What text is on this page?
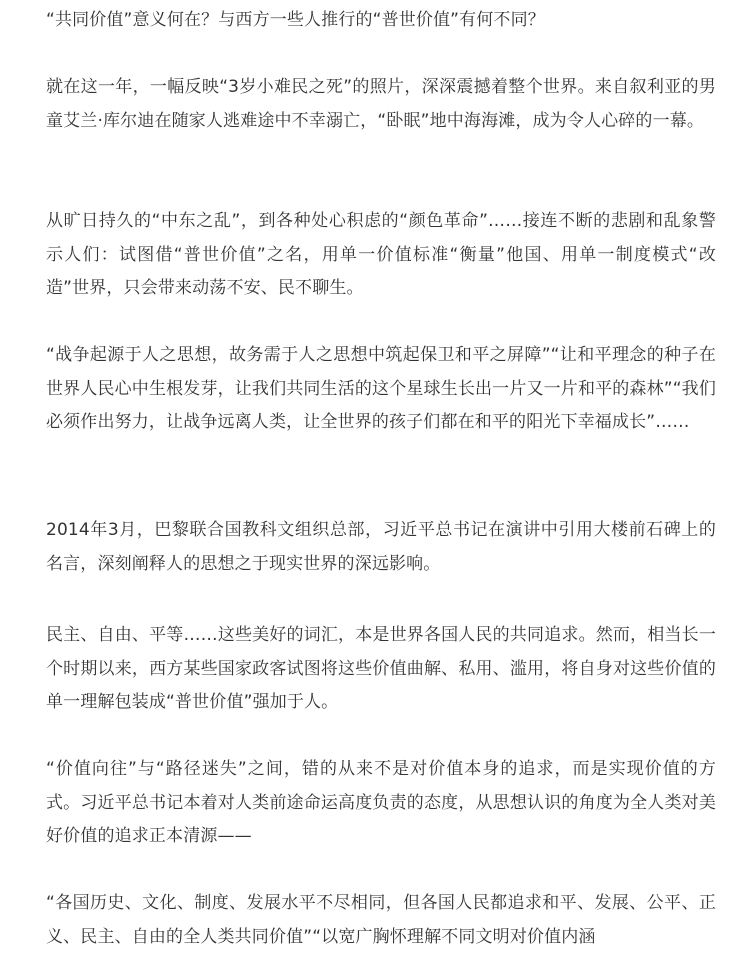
“共同价值”意义何在？与西方一些人推行的“普世价值”有何不同？

就在这一年，一幅反映“3岁小难民之死”的照片，深深震撼着整个世界。来自叙利亚的男童艾兰·库尔迪在随家人逃难途中不幸溺亡，“卧眠”地中海海滩，成为令人心碎的一幕。

从旷日持久的“中东之乱”，到各种处心积虑的“颜色革命”……接连不断的悲剧和乱象警示人们：试图借“普世价值”之名，用单一价值标准“衡量”他国、用单一制度模式“改造”世界，只会带来动荡不安、民不聊生。

“战争起源于人之思想，故务需于人之思想中筑起保卫和平之屏障”“让和平理念的种子在世界人民心中生根发芽，让我们共同生活的这个星球生长出一片又一片和平的森林”“我们必须作出努力，让战争远离人类，让全世界的孩子们都在和平的阳光下幸福成长”……

2014年3月，巴黎联合国教科文组织总部，习近平总书记在演讲中引用大楼前石碑上的名言，深刻阐释人的思想之于现实世界的深远影响。

民主、自由、平等……这些美好的词汇，本是世界各国人民的共同追求。然而，相当长一个时期以来，西方某些国家政客试图将这些价值曲解、私用、滥用，将自身对这些价值的单一理解包装成“普世价值”强加于人。

“价值向往”与“路径迷失”之间，错的从来不是对价值本身的追求，而是实现价值的方式。习近平总书记本着对人类前途命运高度负责的态度，从思想认识的角度为全人类对美好价值的追求正本清源——

“各国历史、文化、制度、发展水平不尽相同，但各国人民都追求和平、发展、公平、正义、民主、自由的全人类共同价值”“以宽广胸怀理解不同文明对价值内涵
